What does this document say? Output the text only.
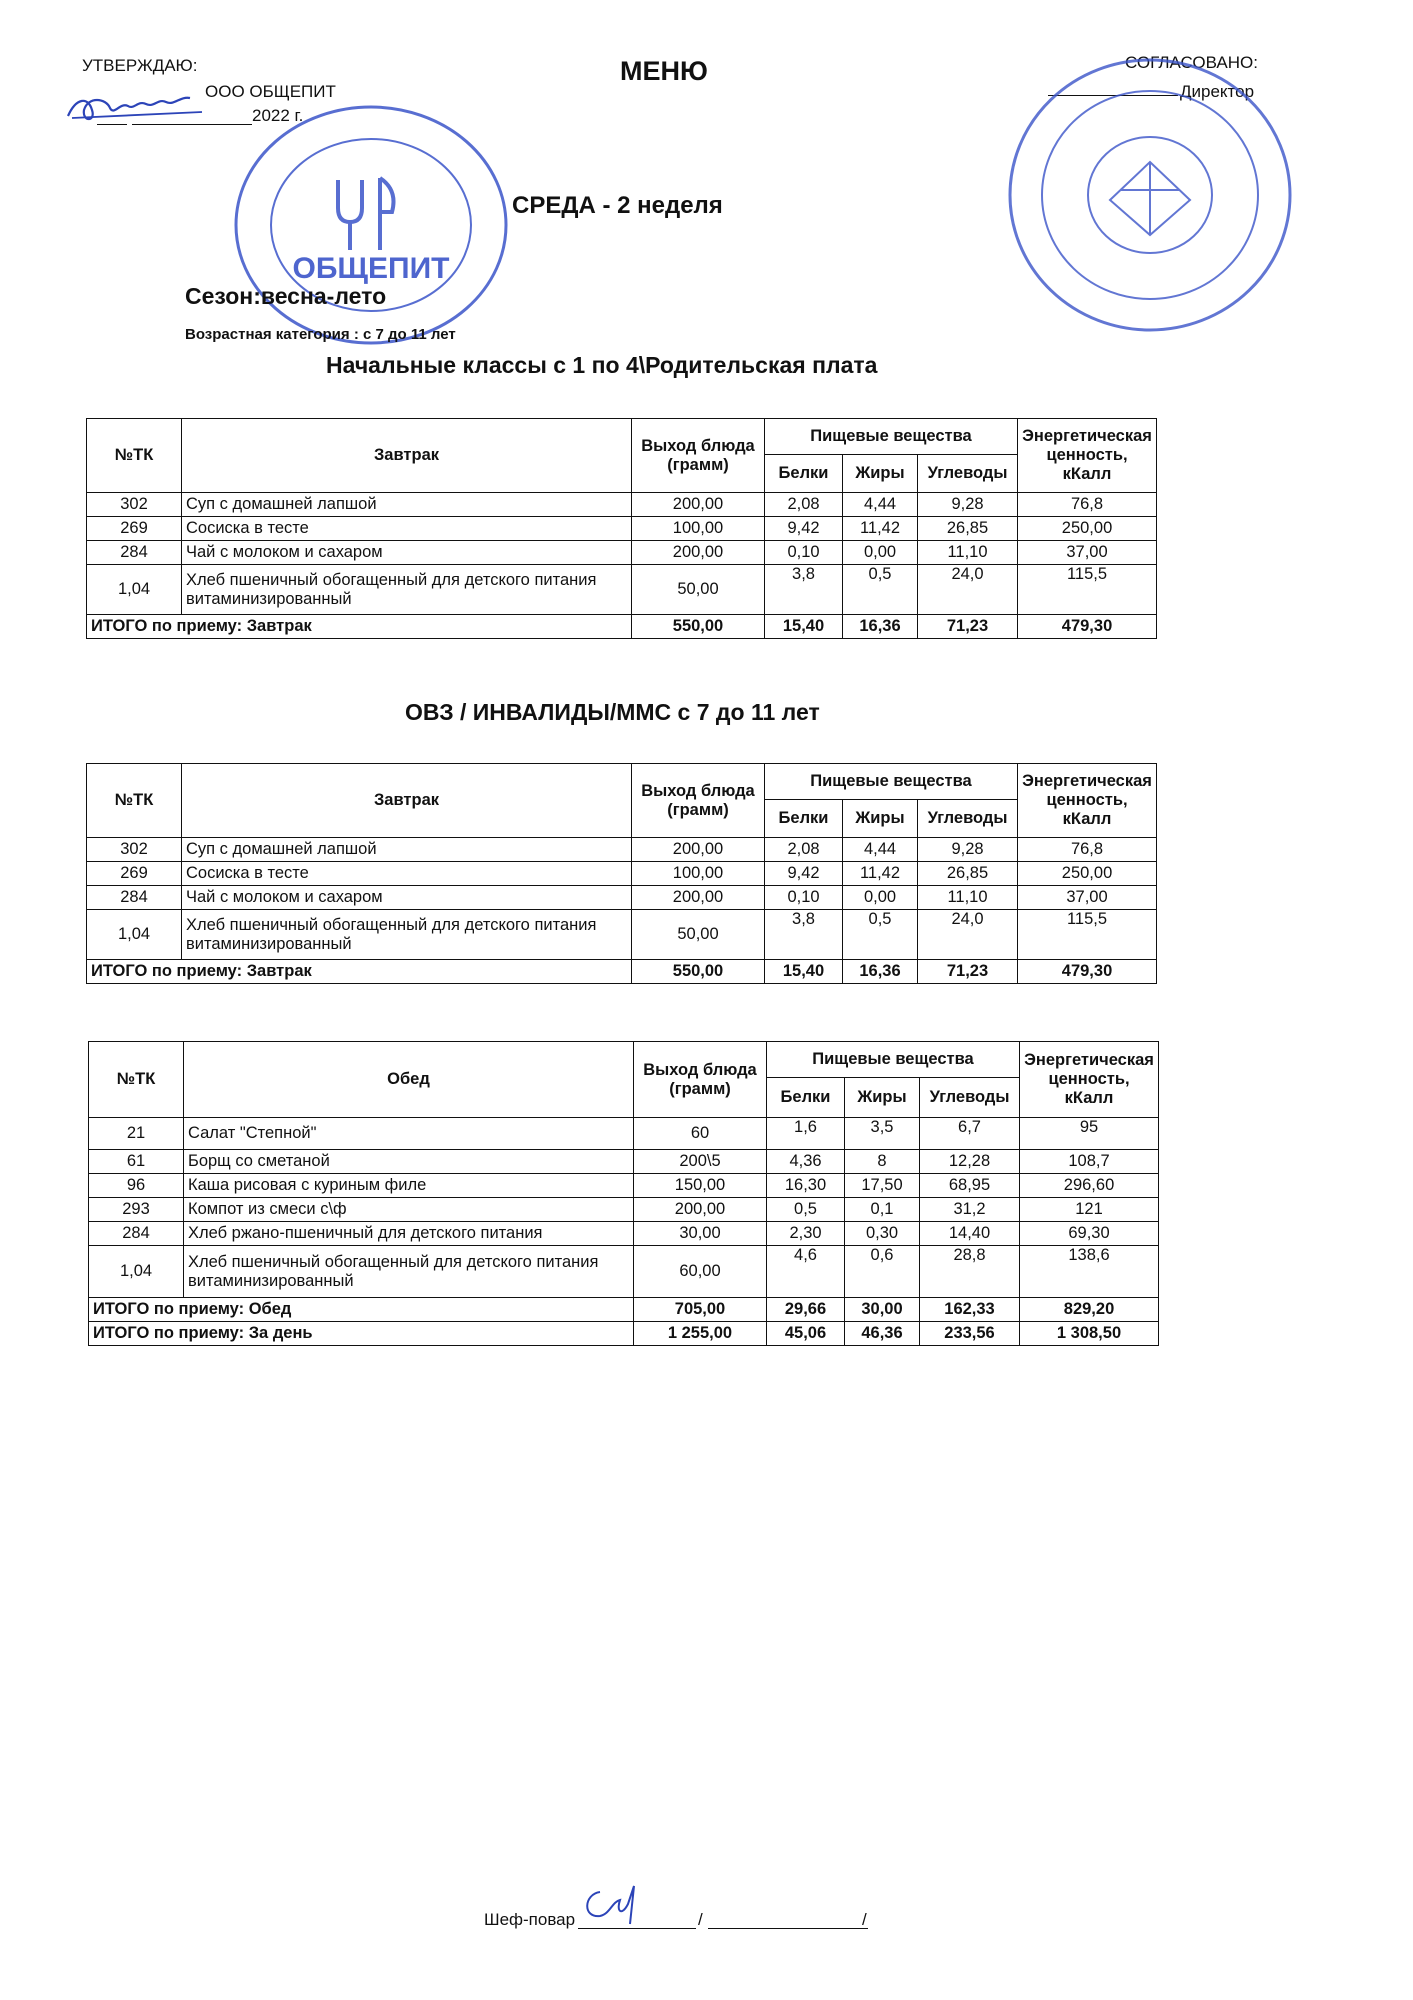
УТВЕРЖДАЮ:
ООО ОБЩЕПИТ
2022 г.
МЕНЮ	СОГЛАСОВАНО:
Директор
ОБЩЕПИТ
СРЕДА - 2 неделя
Сезон:весна-лето
Возрастная категория : с 7 до 11 лет
Начальные классы с 1 по 4\Родительская плата
№ТК	Завтрак	Выход блюда (грамм)	Пищевые вещества			Энергетическая ценность, кКалл
			Белки	Жиры	Углеводы	
302	Суп с домашней лапшой	200,00	2,08	4,44	9,28	76,8
269	Сосиска в тесте	100,00	9,42	11,42	26,85	250,00
284	Чай с молоком и сахаром	200,00	0,10	0,00	11,10	37,00
1,04	Хлеб пшеничный обогащенный для детского питания витаминизированный	50,00	3,8	0,5	24,0	115,5
ИТОГО по приему: Завтрак		550,00	15,40	16,36	71,23	479,30
ОВЗ / ИНВАЛИДЫ/ММС с 7 до 11 лет
№ТК	Завтрак	Выход блюда (грамм)	Пищевые вещества			Энергетическая ценность, кКалл
			Белки	Жиры	Углеводы	
302	Суп с домашней лапшой	200,00	2,08	4,44	9,28	76,8
269	Сосиска в тесте	100,00	9,42	11,42	26,85	250,00
284	Чай с молоком и сахаром	200,00	0,10	0,00	11,10	37,00
1,04	Хлеб пшеничный обогащенный для детского питания витаминизированный	50,00	3,8	0,5	24,0	115,5
ИТОГО по приему: Завтрак		550,00	15,40	16,36	71,23	479,30
№ТК	Обед	Выход блюда (грамм)	Пищевые вещества			Энергетическая ценность, кКалл
			Белки	Жиры	Углеводы	
21	Салат "Степной"	60	1,6	3,5	6,7	95
61	Борщ со сметаной	200\5	4,36	8	12,28	108,7
96	Каша рисовая с куриным филе	150,00	16,30	17,50	68,95	296,60
293	Компот из смеси с\ф	200,00	0,5	0,1	31,2	121
284	Хлеб ржано-пшеничный для детского питания	30,00	2,30	0,30	14,40	69,30
1,04	Хлеб пшеничный обогащенный для детского питания витаминизированный	60,00	4,6	0,6	28,8	138,6
ИТОГО по приему: Обед		705,00	29,66	30,00	162,33	829,20
ИТОГО по приему: За день		1 255,00	45,06	46,36	233,56	1 308,50
Шеф-повар	/	/
